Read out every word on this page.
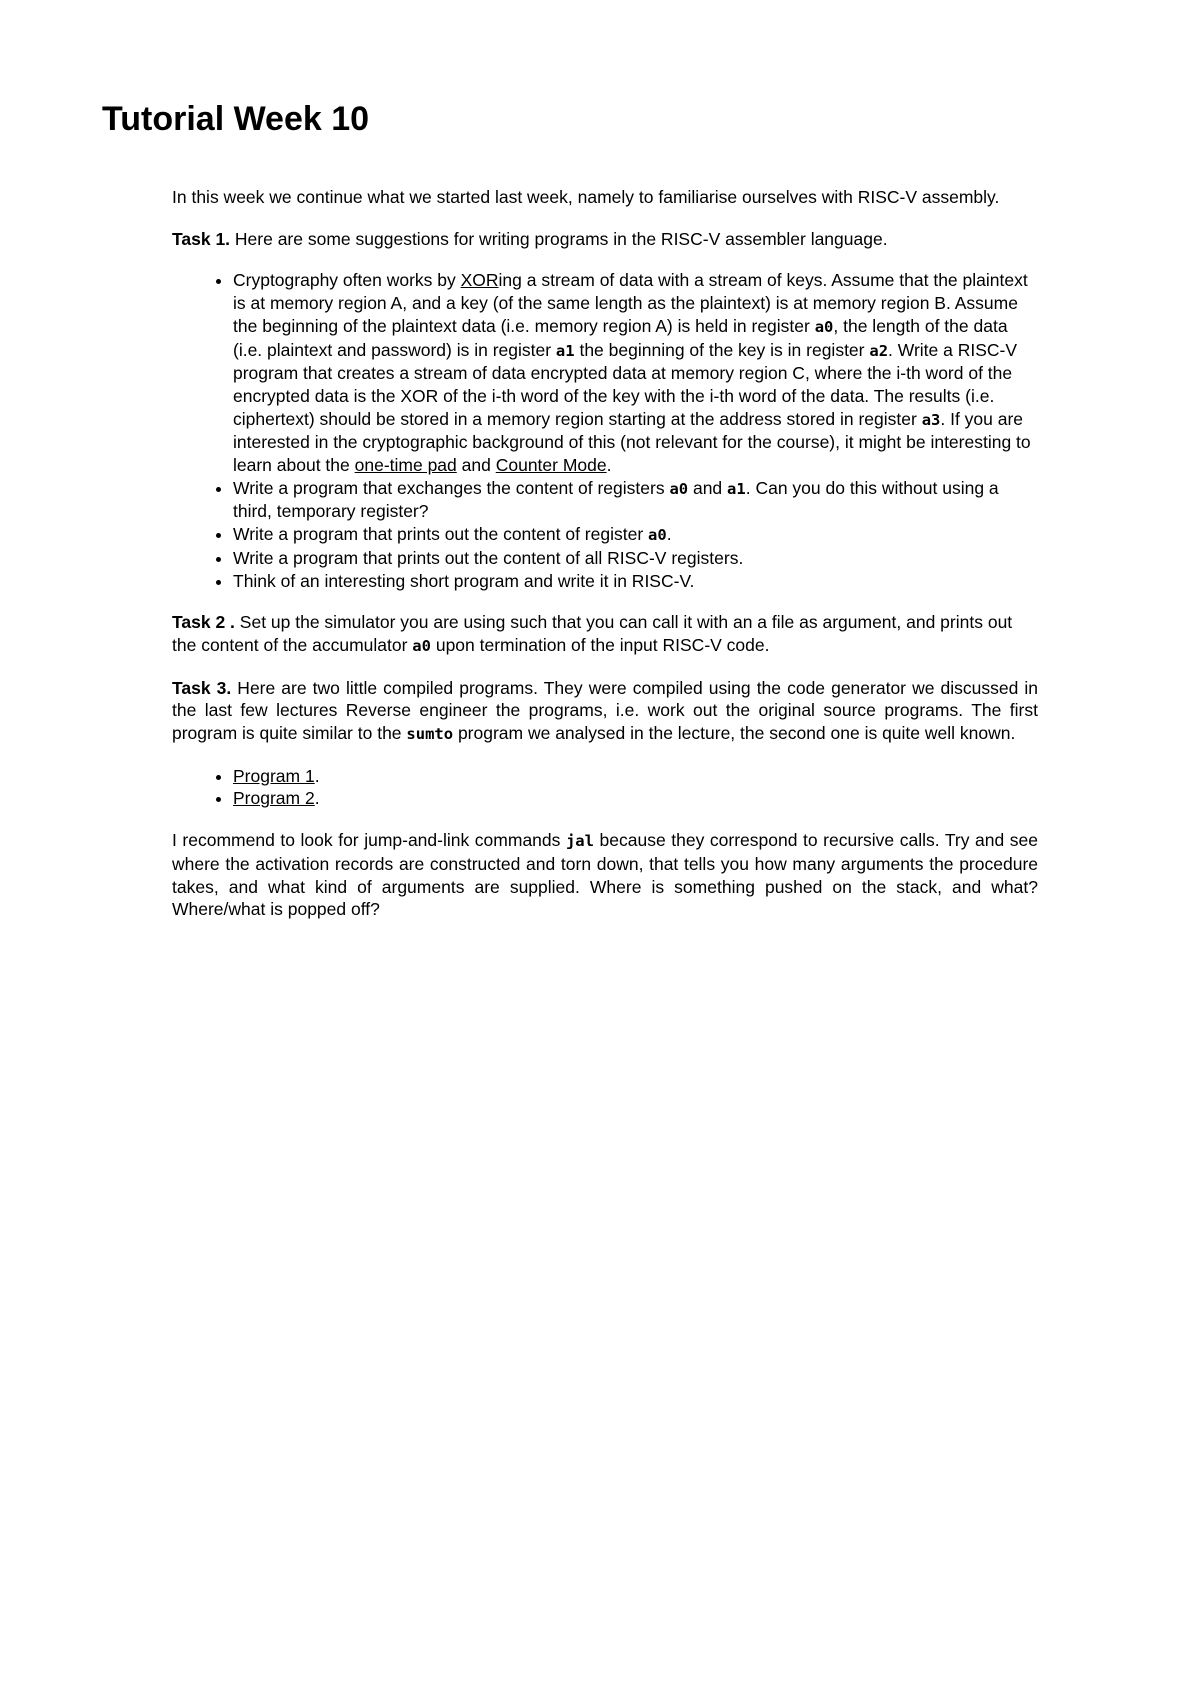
Tutorial Week 10

In this week we continue what we started last week, namely to familiarise ourselves with RISC-V assembly.

Task 1. Here are some suggestions for writing programs in the RISC-V assembler language.

• Cryptography often works by XORing a stream of data with a stream of keys. Assume that the plaintext is at memory region A, and a key (of the same length as the plaintext) is at memory region B. Assume the beginning of the plaintext data (i.e. memory region A) is held in register a0, the length of the data (i.e. plaintext and password) is in register a1 the beginning of the key is in register a2. Write a RISC-V program that creates a stream of data encrypted data at memory region C, where the i-th word of the encrypted data is the XOR of the i-th word of the key with the i-th word of the data. The results (i.e. ciphertext) should be stored in a memory region starting at the address stored in register a3. If you are interested in the cryptographic background of this (not relevant for the course), it might be interesting to learn about the one-time pad and Counter Mode.
• Write a program that exchanges the content of registers a0 and a1. Can you do this without using a third, temporary register?
• Write a program that prints out the content of register a0.
• Write a program that prints out the content of all RISC-V registers.
• Think of an interesting short program and write it in RISC-V.

Task 2 . Set up the simulator you are using such that you can call it with an a file as argument, and prints out the content of the accumulator a0 upon termination of the input RISC-V code.

Task 3. Here are two little compiled programs. They were compiled using the code generator we discussed in the last few lectures Reverse engineer the programs, i.e. work out the original source programs. The first program is quite similar to the sumto program we analysed in the lecture, the second one is quite well known.

• Program 1.
• Program 2.

I recommend to look for jump-and-link commands jal because they correspond to recursive calls. Try and see where the activation records are constructed and torn down, that tells you how many arguments the procedure takes, and what kind of arguments are supplied. Where is something pushed on the stack, and what? Where/what is popped off?
